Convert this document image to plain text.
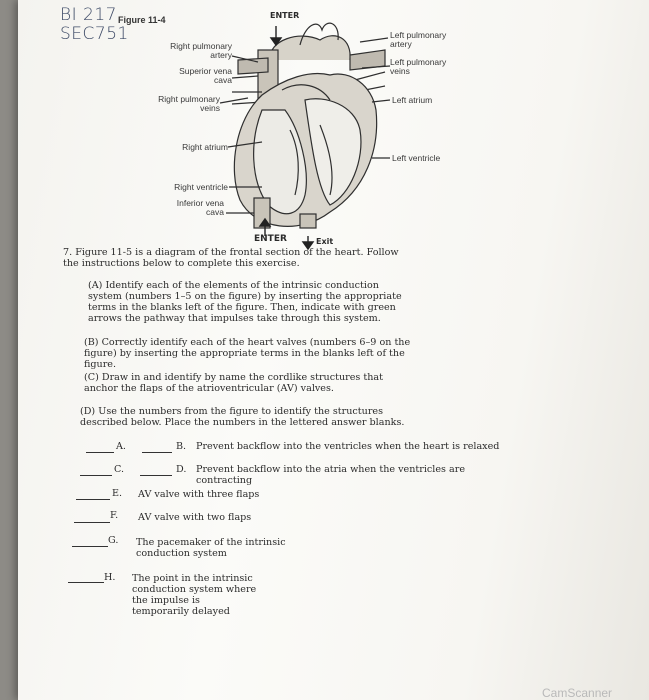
BI 217
SEC751
Figure 11-4	ENTER
ENTER	Exit
Right pulmonary artery
Superior vena cava
Right pulmonary veins
Right atrium
Right ventricle
Inferior vena cava
Left pulmonary artery
Left pulmonary veins
Left atrium
Left ventricle
7. Figure 11-5 is a diagram of the frontal section of the heart. Follow the instructions below to complete this exercise.
(A) Identify each of the elements of the intrinsic conduction system (numbers 1–5 on the figure) by inserting the appropriate terms in the blanks left of the figure. Then, indicate with green arrows the pathway that impulses take through this system.
(B) Correctly identify each of the heart valves (numbers 6–9 on the figure) by inserting the appropriate terms in the blanks left of the figure.
(C) Draw in and identify by name the cordlike structures that anchor the flaps of the atrioventricular (AV) valves.
(D) Use the numbers from the figure to identify the structures described below. Place the numbers in the lettered answer blanks.
A.	B. Prevent backflow into the ventricles when the heart is relaxed
C.	D. Prevent backflow into the atria when the ventricles are contracting
E. AV valve with three flaps
F. AV valve with two flaps
G. The pacemaker of the intrinsic conduction system
H. The point in the intrinsic conduction system where the impulse is temporarily delayed
CamScanner
